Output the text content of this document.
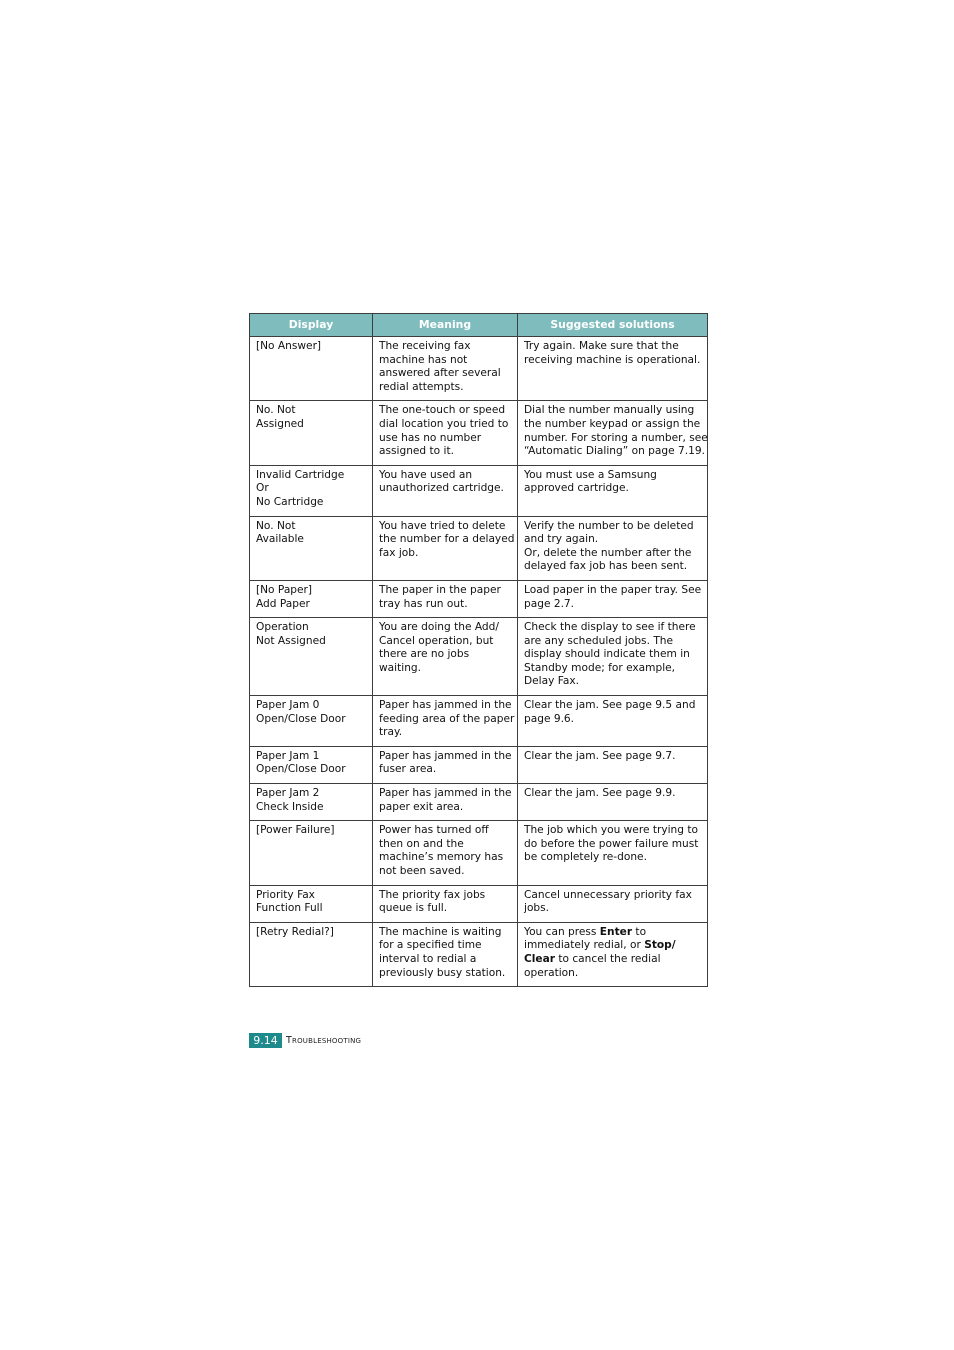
Display	Meaning	Suggested solutions

[No Answer]	The receiving fax
machine has not
answered after several
redial attempts.	Try again. Make sure that the
receiving machine is operational.

No. Not
Assigned	The one-touch or speed
dial location you tried to
use has no number
assigned to it.	Dial the number manually using
the number keypad or assign the
number. For storing a number, see
“Automatic Dialing” on page 7.19.

Invalid Cartridge
Or
No Cartridge	You have used an
unauthorized cartridge.	You must use a Samsung
approved cartridge.

No. Not
Available	You have tried to delete
the number for a delayed
fax job.	Verify the number to be deleted
and try again.
Or, delete the number after the
delayed fax job has been sent.

[No Paper]
Add Paper	The paper in the paper
tray has run out.	Load paper in the paper tray. See
page 2.7.

Operation
Not Assigned	You are doing the Add/
Cancel operation, but
there are no jobs
waiting.	Check the display to see if there
are any scheduled jobs. The
display should indicate them in
Standby mode; for example,
Delay Fax.

Paper Jam 0
Open/Close Door	Paper has jammed in the
feeding area of the paper
tray.	Clear the jam. See page 9.5 and
page 9.6.

Paper Jam 1
Open/Close Door	Paper has jammed in the
fuser area.	Clear the jam. See page 9.7.

Paper Jam 2
Check Inside	Paper has jammed in the
paper exit area.	Clear the jam. See page 9.9.

[Power Failure]	Power has turned off
then on and the
machine’s memory has
not been saved.	The job which you were trying to
do before the power failure must
be completely re-done.

Priority Fax
Function Full	The priority fax jobs
queue is full.	Cancel unnecessary priority fax
jobs.

[Retry Redial?]	The machine is waiting
for a specified time
interval to redial a
previously busy station.	You can press Enter to
immediately redial, or Stop/
Clear to cancel the redial
operation.
9.14 Troubleshooting
